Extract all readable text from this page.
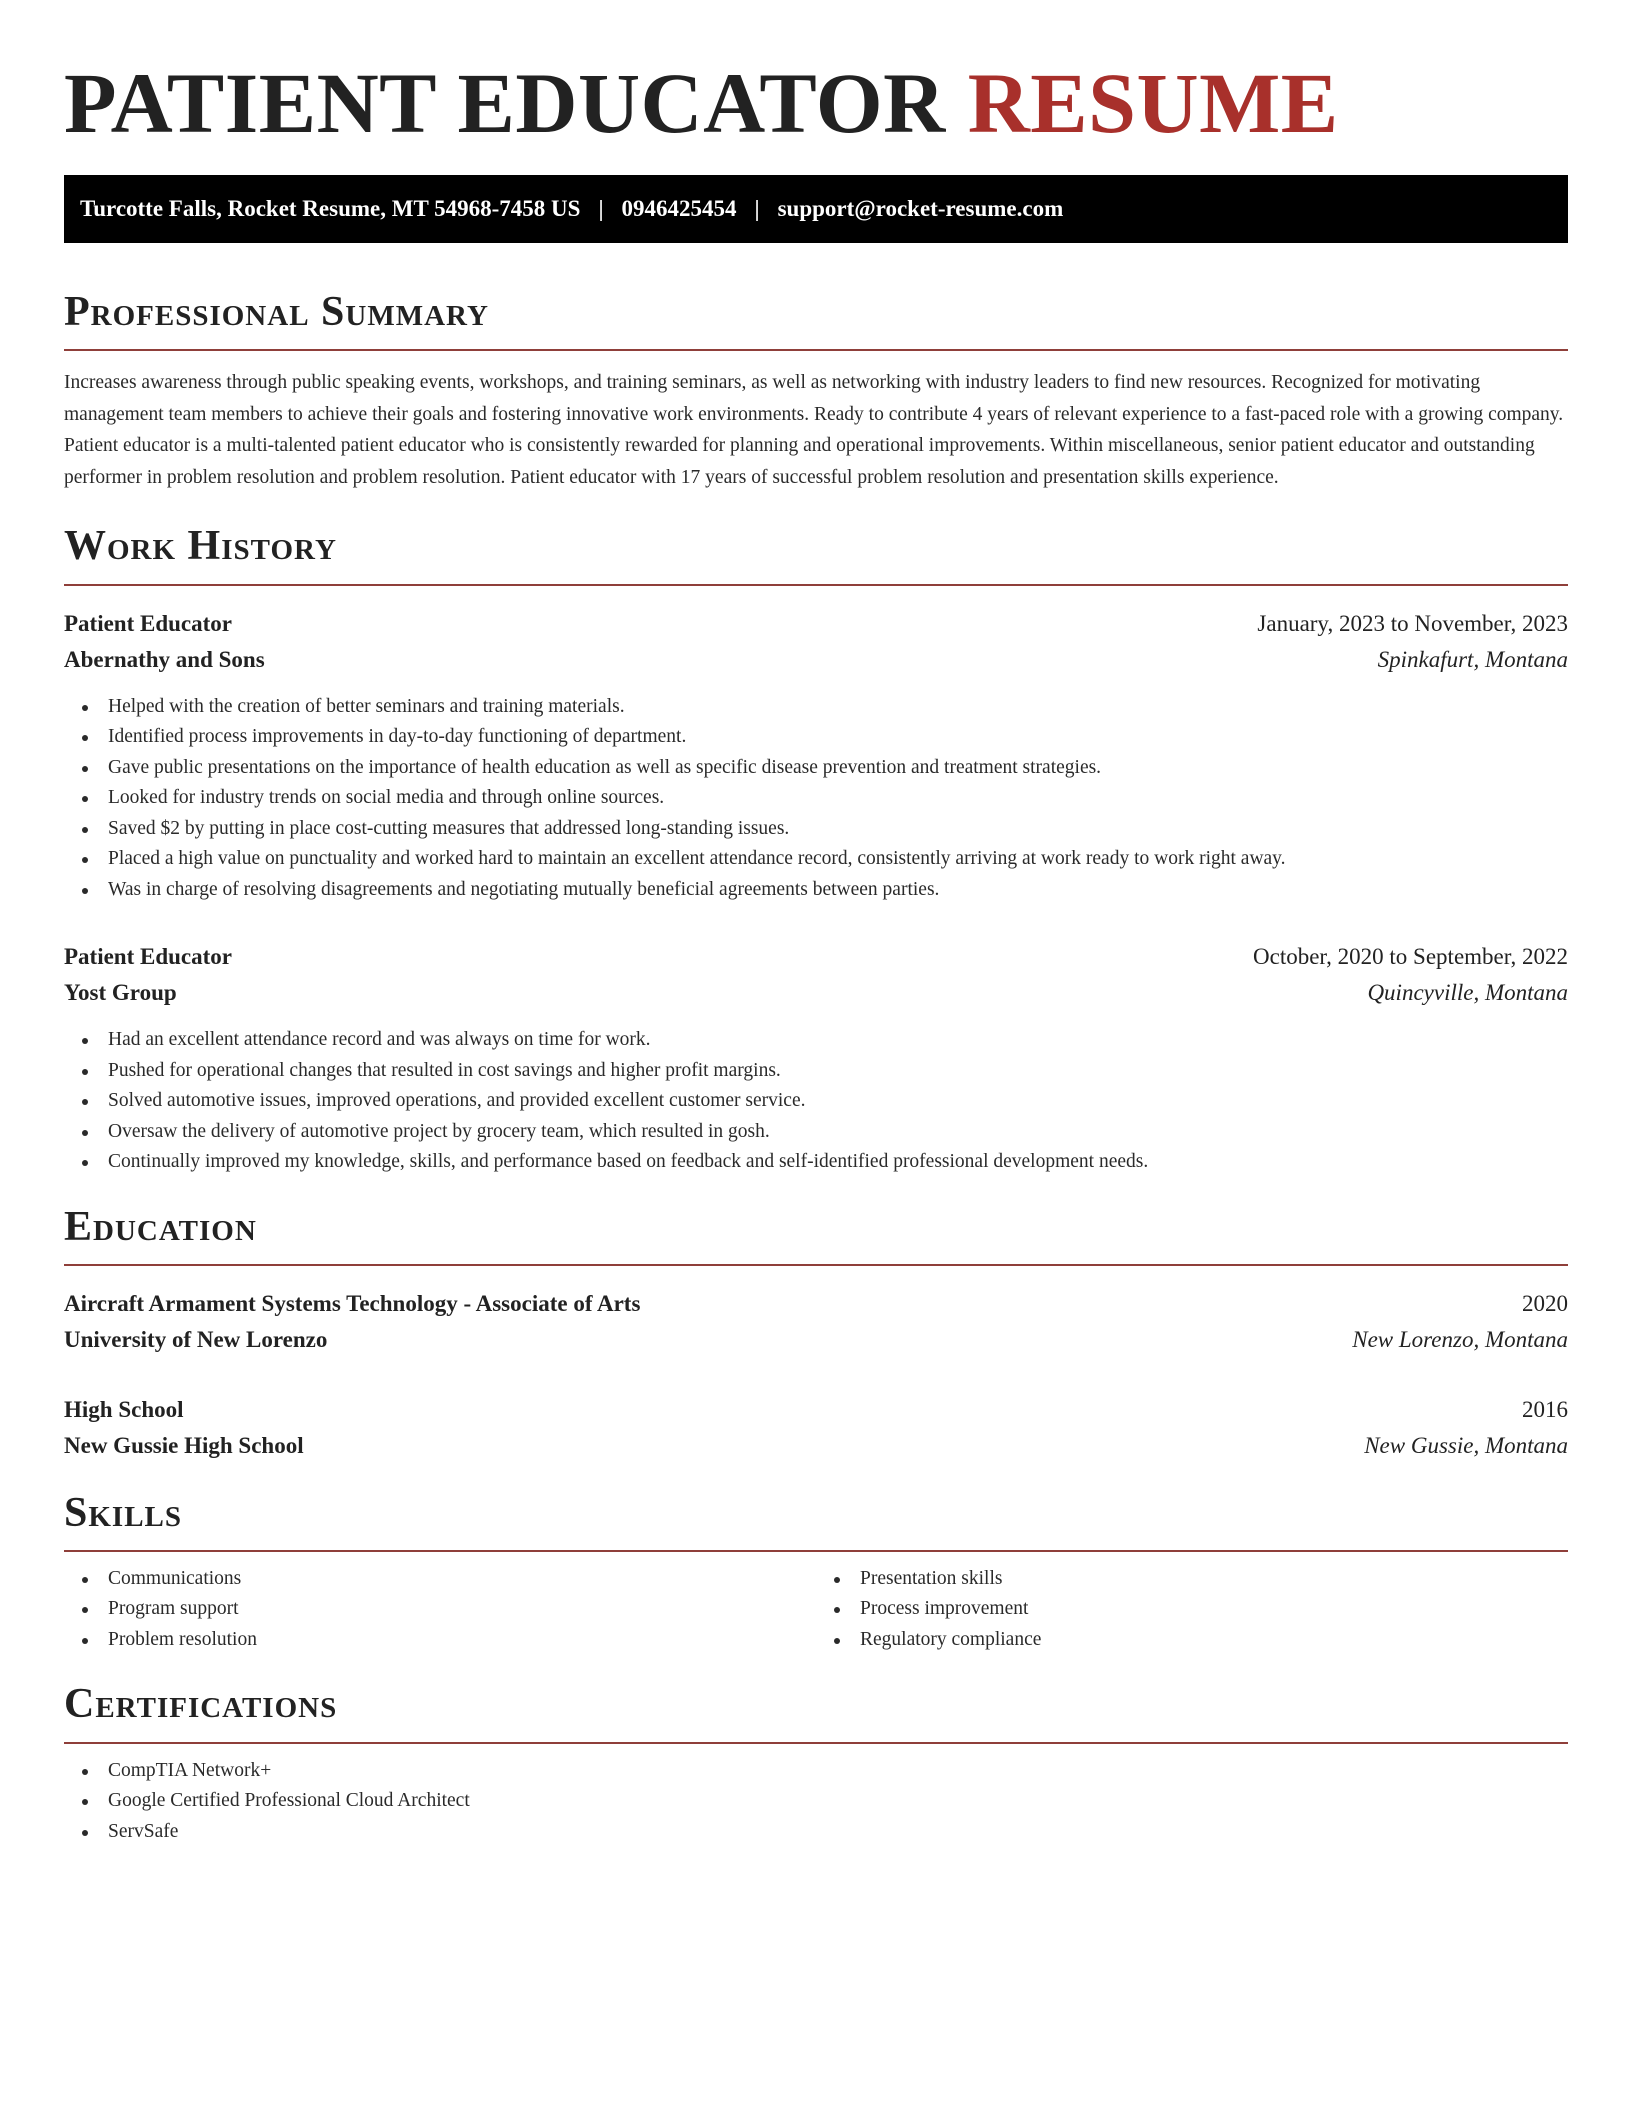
PATIENT EDUCATOR RESUME
Turcotte Falls, Rocket Resume, MT 54968-7458 US | 0946425454 | support@rocket-resume.com
Professional Summary

Increases awareness through public speaking events, workshops, and training seminars, as well as networking with industry leaders to find new resources. Recognized for motivating management team members to achieve their goals and fostering innovative work environments. Ready to contribute 4 years of relevant experience to a fast-paced role with a growing company. Patient educator is a multi-talented patient educator who is consistently rewarded for planning and operational improvements. Within miscellaneous, senior patient educator and outstanding performer in problem resolution and problem resolution. Patient educator with 17 years of successful problem resolution and presentation skills experience.

Work History
Patient Educator	January, 2023 to November, 2023
Abernathy and Sons	Spinkafurt, Montana
Helped with the creation of better seminars and training materials.
Identified process improvements in day-to-day functioning of department.
Gave public presentations on the importance of health education as well as specific disease prevention and treatment strategies.
Looked for industry trends on social media and through online sources.
Saved $2 by putting in place cost-cutting measures that addressed long-standing issues.
Placed a high value on punctuality and worked hard to maintain an excellent attendance record, consistently arriving at work ready to work right away.
Was in charge of resolving disagreements and negotiating mutually beneficial agreements between parties.
Patient Educator	October, 2020 to September, 2022
Yost Group	Quincyville, Montana
Had an excellent attendance record and was always on time for work.
Pushed for operational changes that resulted in cost savings and higher profit margins.
Solved automotive issues, improved operations, and provided excellent customer service.
Oversaw the delivery of automotive project by grocery team, which resulted in gosh.
Continually improved my knowledge, skills, and performance based on feedback and self-identified professional development needs.
Education
Aircraft Armament Systems Technology - Associate of Arts	2020
University of New Lorenzo	New Lorenzo, Montana
High School	2016
New Gussie High School	New Gussie, Montana
Skills
Communications
Program support
Problem resolution
Presentation skills
Process improvement
Regulatory compliance
Certifications
CompTIA Network+
Google Certified Professional Cloud Architect
ServSafe
